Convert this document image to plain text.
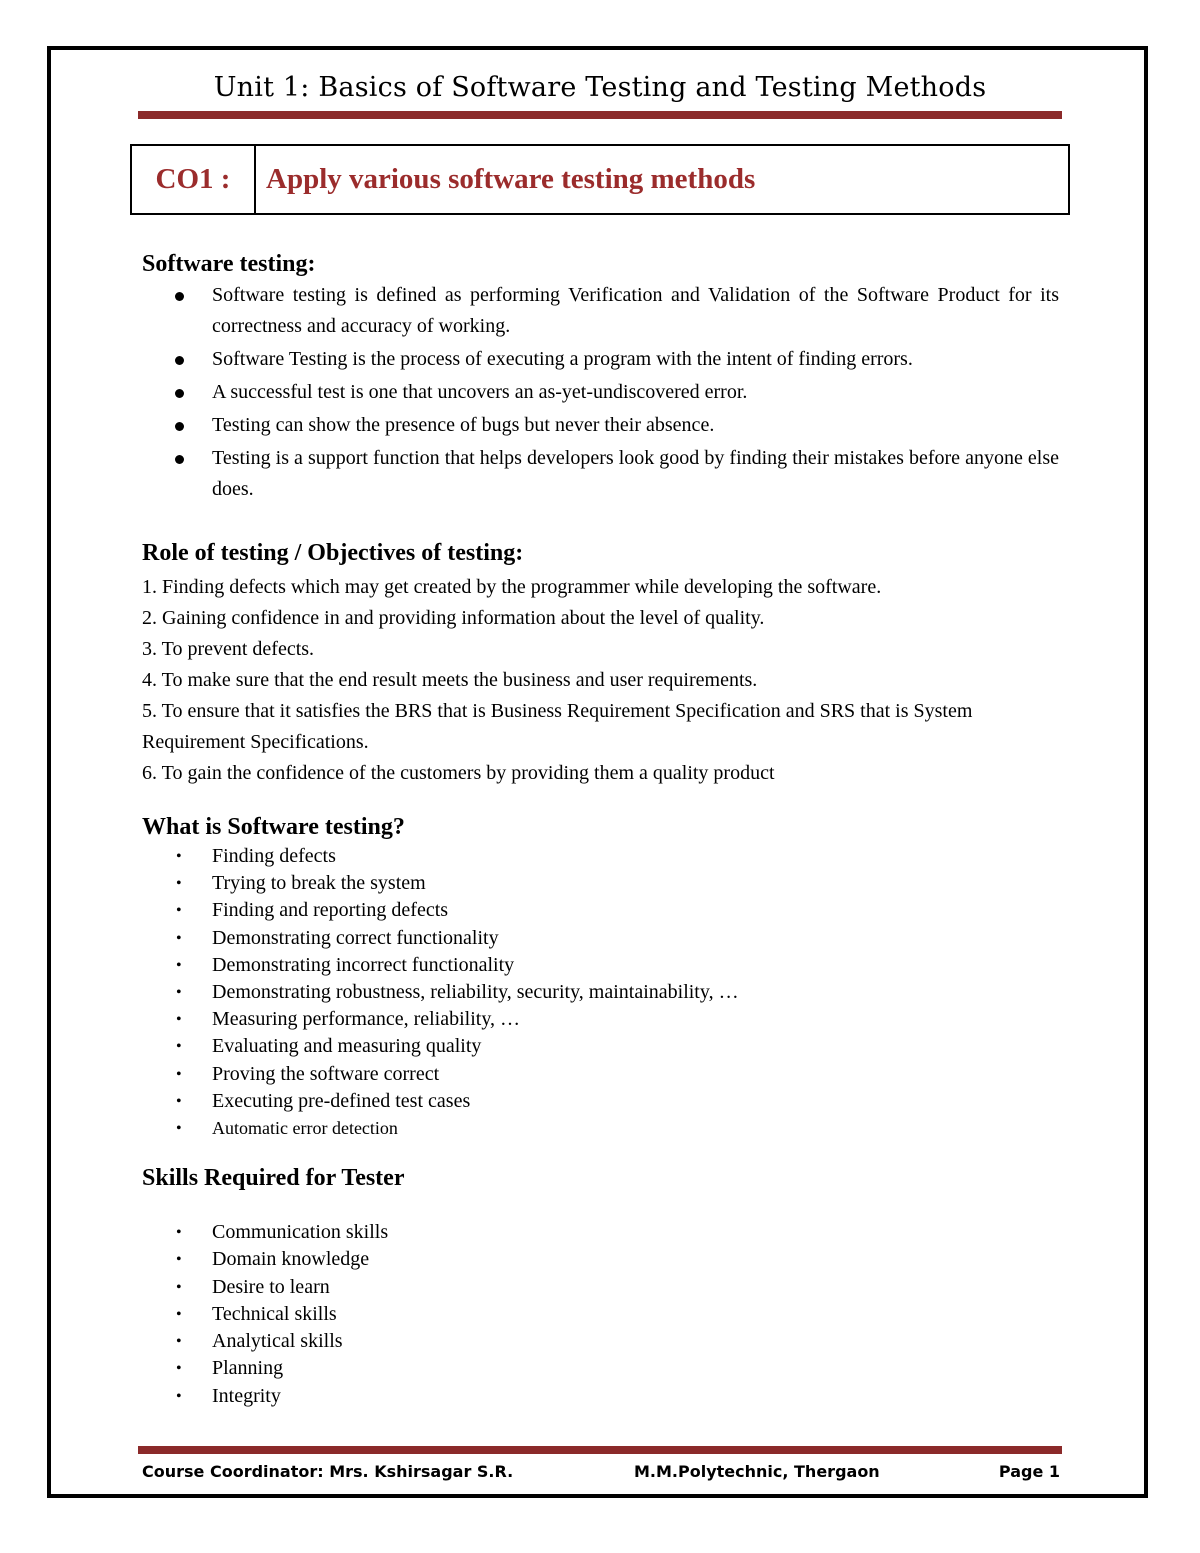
Unit 1: Basics of Software Testing and Testing Methods
CO1 :	Apply various software testing methods
Software testing:
Software testing is defined as performing Verification and Validation of the Software Product for its correctness and accuracy of working.
Software Testing is the process of executing a program with the intent of finding errors.
A successful test is one that uncovers an as-yet-undiscovered error.
Testing can show the presence of bugs but never their absence.
Testing is a support function that helps developers look good by finding their mistakes before anyone else does.
Role of testing / Objectives of testing:
1. Finding defects which may get created by the programmer while developing the software.
2. Gaining confidence in and providing information about the level of quality.
3. To prevent defects.
4. To make sure that the end result meets the business and user requirements.
5. To ensure that it satisfies the BRS that is Business Requirement Specification and SRS that is System Requirement Specifications.
6. To gain the confidence of the customers by providing them a quality product
What is Software testing?
• Finding defects
• Trying to break the system
• Finding and reporting defects
• Demonstrating correct functionality
• Demonstrating incorrect functionality
• Demonstrating robustness, reliability, security, maintainability, …
• Measuring performance, reliability, …
• Evaluating and measuring quality
• Proving the software correct
• Executing pre-defined test cases
• Automatic error detection
Skills Required for Tester
• Communication skills
• Domain knowledge
• Desire to learn
• Technical skills
• Analytical skills
• Planning
• Integrity
Course Coordinator: Mrs. Kshirsagar S.R.	M.M.Polytechnic, Thergaon	Page 1
